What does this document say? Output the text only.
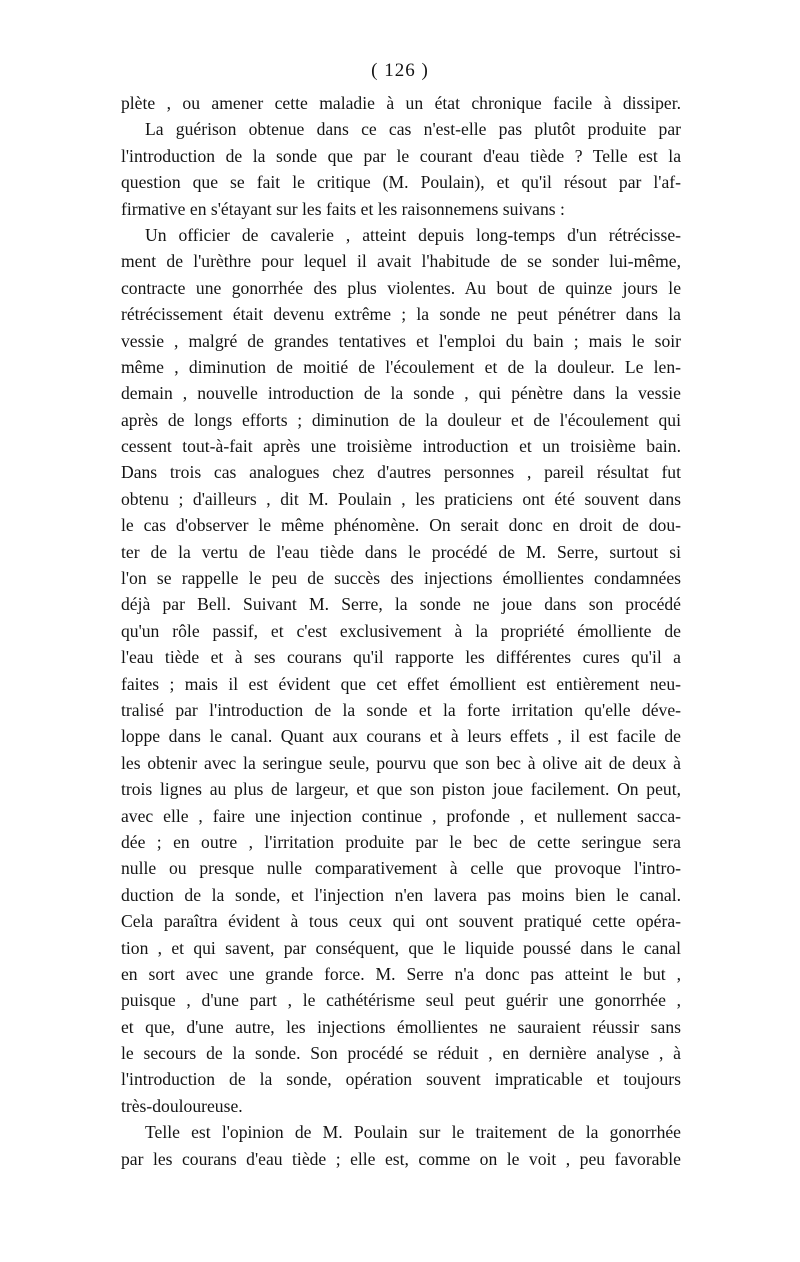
( 126 )
plète , ou amener cette maladie à un état chronique facile à dissiper.
La guérison obtenue dans ce cas n'est-elle pas plutôt produite par
l'introduction de la sonde que par le courant d'eau tiède ? Telle est la
question que se fait le critique (M. Poulain), et qu'il résout par l'af-
firmative en s'étayant sur les faits et les raisonnemens suivans :
Un officier de cavalerie , atteint depuis long-temps d'un rétrécisse-
ment de l'urèthre pour lequel il avait l'habitude de se sonder lui-même,
contracte une gonorrhée des plus violentes. Au bout de quinze jours le
rétrécissement était devenu extrême ; la sonde ne peut pénétrer dans la
vessie , malgré de grandes tentatives et l'emploi du bain ; mais le soir
même , diminution de moitié de l'écoulement et de la douleur. Le len-
demain , nouvelle introduction de la sonde , qui pénètre dans la vessie
après de longs efforts ; diminution de la douleur et de l'écoulement qui
cessent tout-à-fait après une troisième introduction et un troisième bain.
Dans trois cas analogues chez d'autres personnes , pareil résultat fut
obtenu ; d'ailleurs , dit M. Poulain , les praticiens ont été souvent dans
le cas d'observer le même phénomène. On serait donc en droit de dou-
ter de la vertu de l'eau tiède dans le procédé de M. Serre, surtout si
l'on se rappelle le peu de succès des injections émollientes condamnées
déjà par Bell. Suivant M. Serre, la sonde ne joue dans son procédé
qu'un rôle passif, et c'est exclusivement à la propriété émolliente de
l'eau tiède et à ses courans qu'il rapporte les différentes cures qu'il a
faites ; mais il est évident que cet effet émollient est entièrement neu-
tralisé par l'introduction de la sonde et la forte irritation qu'elle déve-
loppe dans le canal. Quant aux courans et à leurs effets , il est facile de
les obtenir avec la seringue seule, pourvu que son bec à olive ait de deux à
trois lignes au plus de largeur, et que son piston joue facilement. On peut,
avec elle , faire une injection continue , profonde , et nullement sacca-
dée ; en outre , l'irritation produite par le bec de cette seringue sera
nulle ou presque nulle comparativement à celle que provoque l'intro-
duction de la sonde, et l'injection n'en lavera pas moins bien le canal.
Cela paraîtra évident à tous ceux qui ont souvent pratiqué cette opéra-
tion , et qui savent, par conséquent, que le liquide poussé dans le canal
en sort avec une grande force. M. Serre n'a donc pas atteint le but ,
puisque , d'une part , le cathétérisme seul peut guérir une gonorrhée ,
et que, d'une autre, les injections émollientes ne sauraient réussir sans
le secours de la sonde. Son procédé se réduit , en dernière analyse , à
l'introduction de la sonde, opération souvent impraticable et toujours
très-douloureuse.
Telle est l'opinion de M. Poulain sur le traitement de la gonorrhée
par les courans d'eau tiède ; elle est, comme on le voit , peu favorable
